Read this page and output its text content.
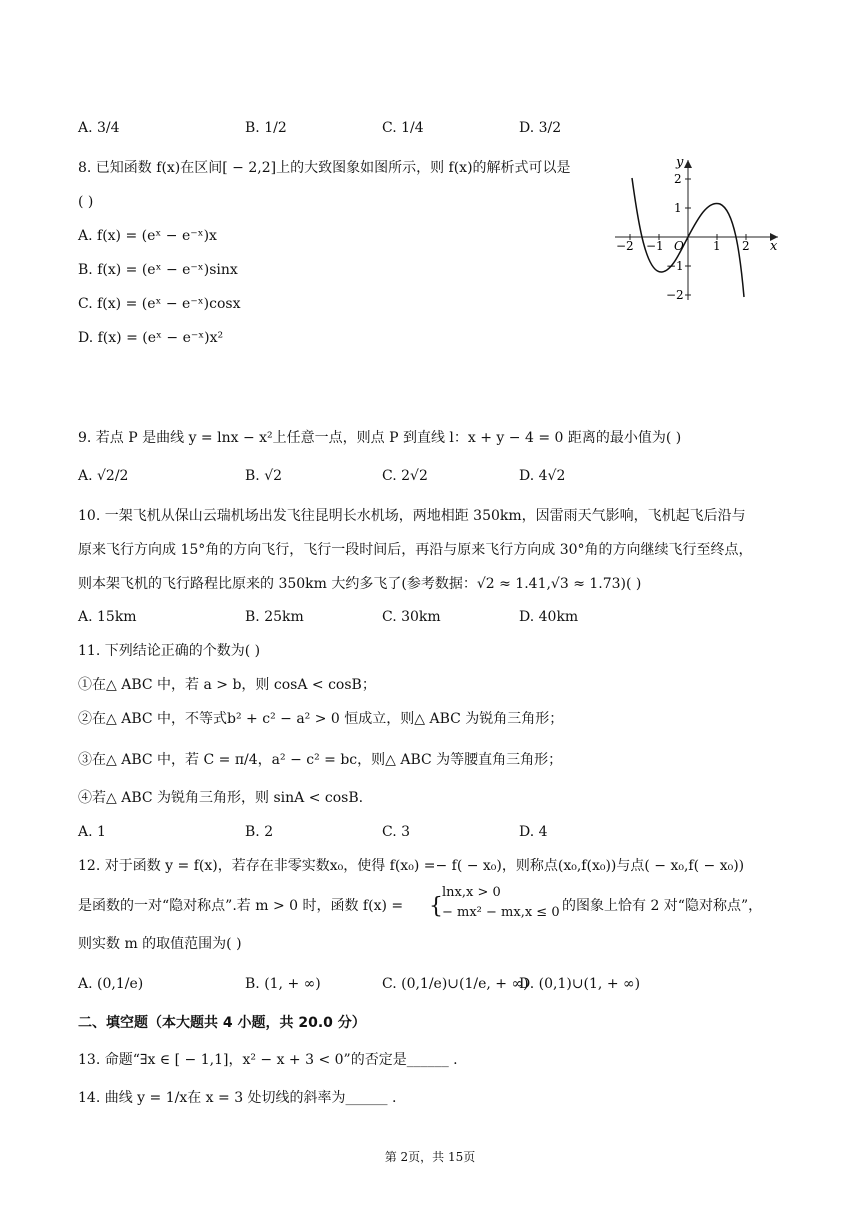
A. 3/4	B. 1/2	C. 1/4	D. 3/2
8. 已知函数 f(x)在区间[ − 2,2]上的大致图象如图所示，则 f(x)的解析式可以是
( )
A. f(x) = (eˣ − e⁻ˣ)x
B. f(x) = (eˣ − e⁻ˣ)sinx
C. f(x) = (eˣ − e⁻ˣ)cosx
D. f(x) = (eˣ − e⁻ˣ)x²
y
x
O
−2 −1	1 2
2
1
−1
−2
9. 若点 P 是曲线 y = lnx − x²上任意一点，则点 P 到直线 l：x + y − 4 = 0 距离的最小值为( )
A. √2/2	B. √2	C. 2√2	D. 4√2
10. 一架飞机从保山云瑞机场出发飞往昆明长水机场，两地相距 350km，因雷雨天气影响，飞机起飞后沿与
原来飞行方向成 15°角的方向飞行，飞行一段时间后，再沿与原来飞行方向成 30°角的方向继续飞行至终点，
则本架飞机的飞行路程比原来的 350km 大约多飞了(参考数据：√2 ≈ 1.41,√3 ≈ 1.73)( )
A. 15km	B. 25km	C. 30km	D. 40km
11. 下列结论正确的个数为( )
①在△ ABC 中，若 a > b，则 cosA < cosB；
②在△ ABC 中，不等式b² + c² − a² > 0 恒成立，则△ ABC 为锐角三角形；
③在△ ABC 中，若 C = π/4，a² − c² = bc，则△ ABC 为等腰直角三角形；
④若△ ABC 为锐角三角形，则 sinA < cosB.
A. 1	B. 2	C. 3	D. 4
12. 对于函数 y = f(x)，若存在非零实数x₀，使得 f(x₀) =− f( − x₀)，则称点(x₀,f(x₀))与点( − x₀,f( − x₀))
是函数的一对“隐对称点”.若 m > 0 时，函数 f(x) = {
lnx,x > 0
− mx² − mx,x ≤ 0 的图象上恰有 2 对“隐对称点”，
则实数 m 的取值范围为( )
A. (0,1/e)	B. (1, + ∞)	C. (0,1/e)∪(1/e, + ∞)
D. (0,1)∪(1, + ∞)
二、填空题（本大题共 4 小题，共 20.0 分）
13. 命题“∃x ∈ [ − 1,1]，x² − x + 3 < 0”的否定是______ .
14. 曲线 y = 1/x在 x = 3 处切线的斜率为______ .
第 2页，共 15页
